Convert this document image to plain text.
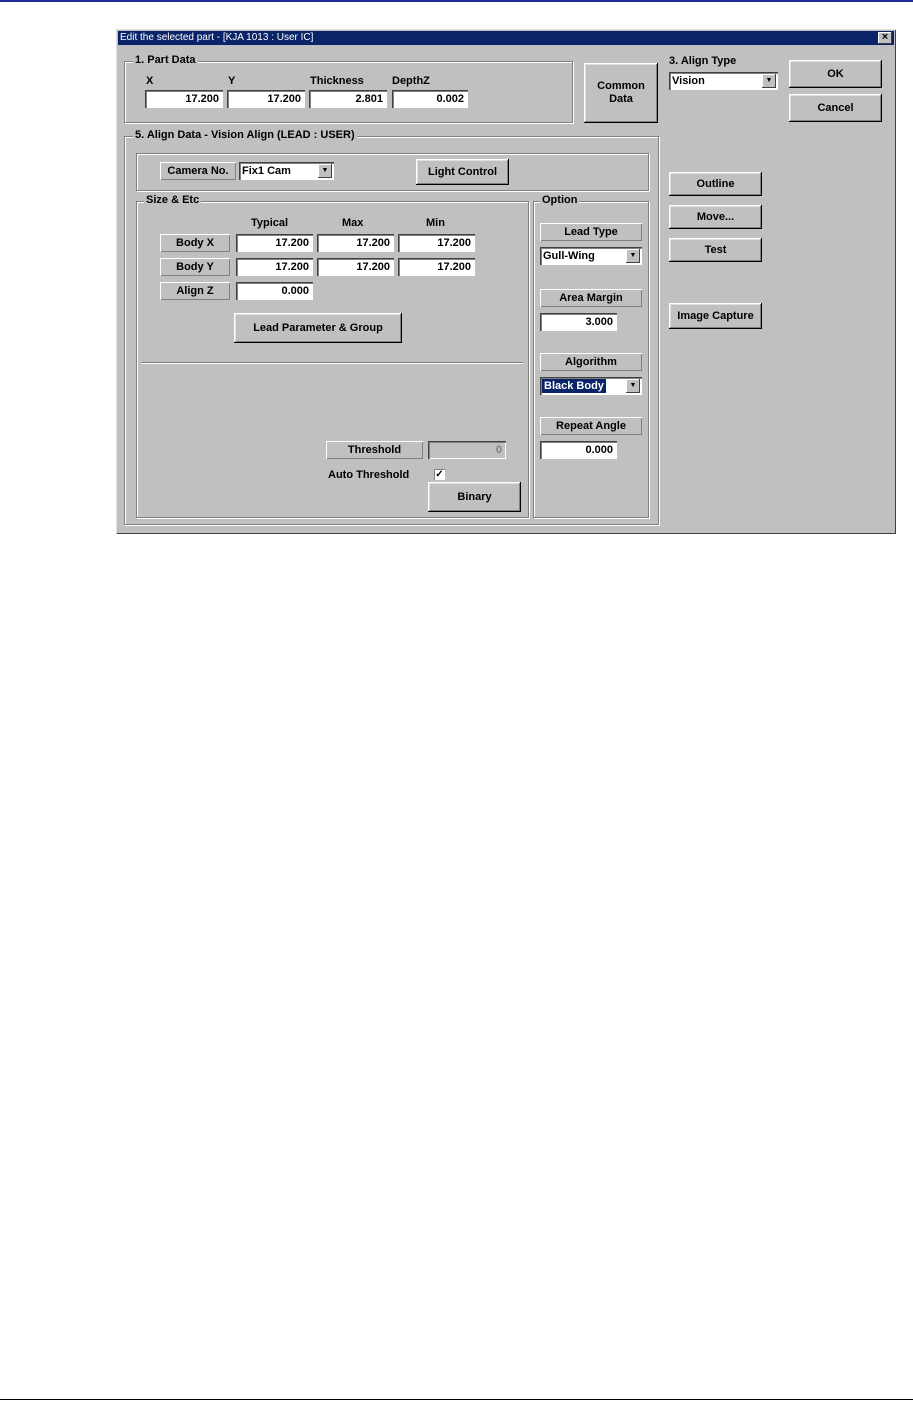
Edit the selected part - [KJA 1013 : User IC]	×
1. Part Data
X	Y	Thickness	DepthZ
17.200	17.200	2.801	0.002
Common
Data
3. Align Type
Vision	▼
OK
Cancel
5. Align Data - Vision Align (LEAD : USER)
Camera No.	Fix1 Cam	▼	Light Control
Size & Etc
Typical	Max	Min
Body X	17.200	17.200	17.200
Body Y	17.200	17.200	17.200
Align Z	0.000
Lead Parameter & Group
Threshold	0
Auto Threshold	✓
Binary
Option
Lead Type
Gull-Wing	▼
Area Margin
3.000
Algorithm
Black Body	▼
Repeat Angle
0.000
Outline
Move...
Test
Image Capture
